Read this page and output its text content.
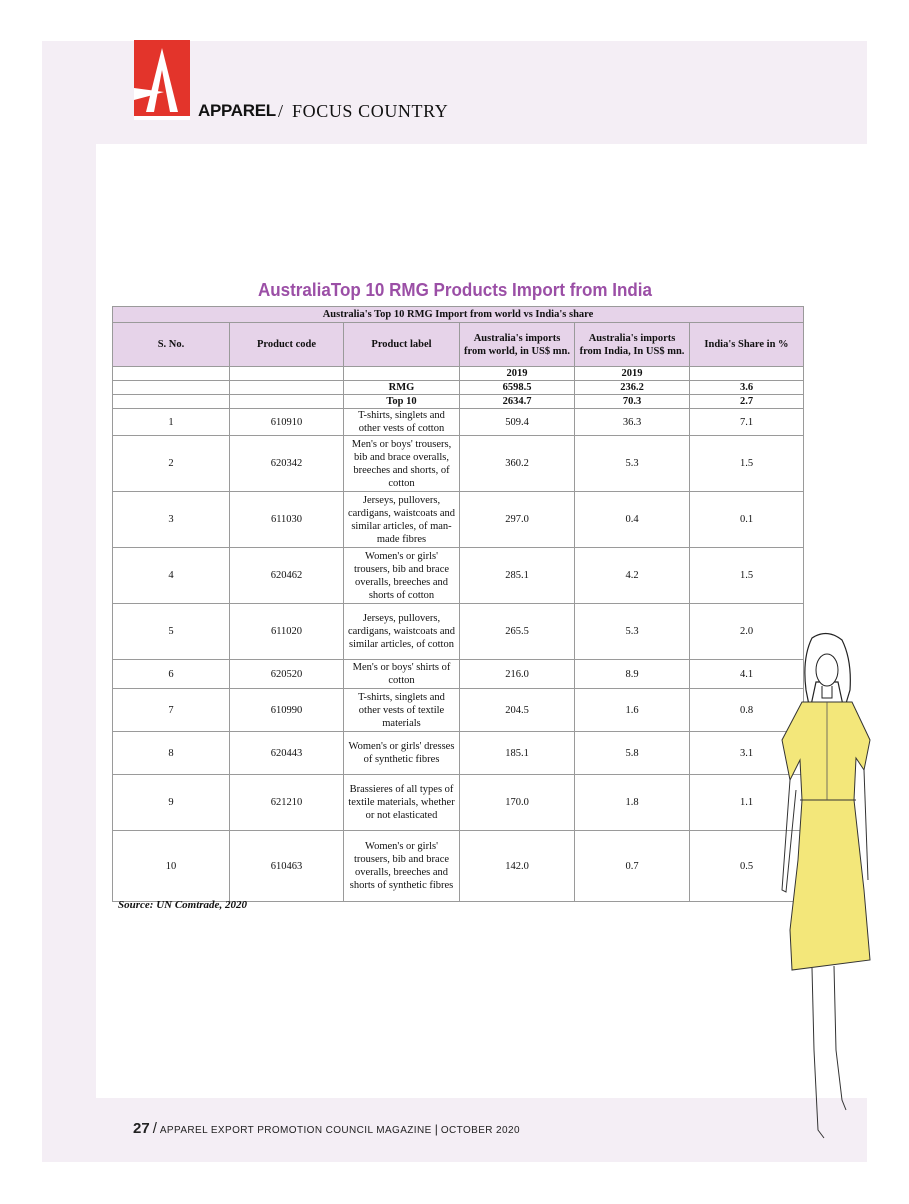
APPAREL / FOCUS COUNTRY
AustraliaTop 10 RMG Products Import from India
Australia's Top 10 RMG Import from world vs India's share					
S. No.	Product code	Product label	Australia's imports from world, in US$ mn.	Australia's imports from India, In US$ mn.	India's Share in %
			2019	2019	
		RMG	6598.5	236.2	3.6
		Top 10	2634.7	70.3	2.7
1	610910	T-shirts, singlets and other vests of cotton	509.4	36.3	7.1
2	620342	Men's or boys' trousers, bib and brace overalls, breeches and shorts, of cotton	360.2	5.3	1.5
3	611030	Jerseys, pullovers, cardigans, waistcoats and similar articles, of man-made fibres	297.0	0.4	0.1
4	620462	Women's or girls' trousers, bib and brace overalls, breeches and shorts of cotton	285.1	4.2	1.5
5	611020	Jerseys, pullovers, cardigans, waistcoats and similar articles, of cotton	265.5	5.3	2.0
6	620520	Men's or boys' shirts of cotton	216.0	8.9	4.1
7	610990	T-shirts, singlets and other vests of textile materials	204.5	1.6	0.8
8	620443	Women's or girls' dresses of synthetic fibres	185.1	5.8	3.1
9	621210	Brassieres of all types of textile materials, whether or not elasticated	170.0	1.8	1.1
10	610463	Women's or girls' trousers, bib and brace overalls, breeches and shorts of synthetic fibres	142.0	0.7	0.5
Source: UN Comtrade, 2020
27 / APPAREL EXPORT PROMOTION COUNCIL MAGAZINE | OCTOBER 2020
